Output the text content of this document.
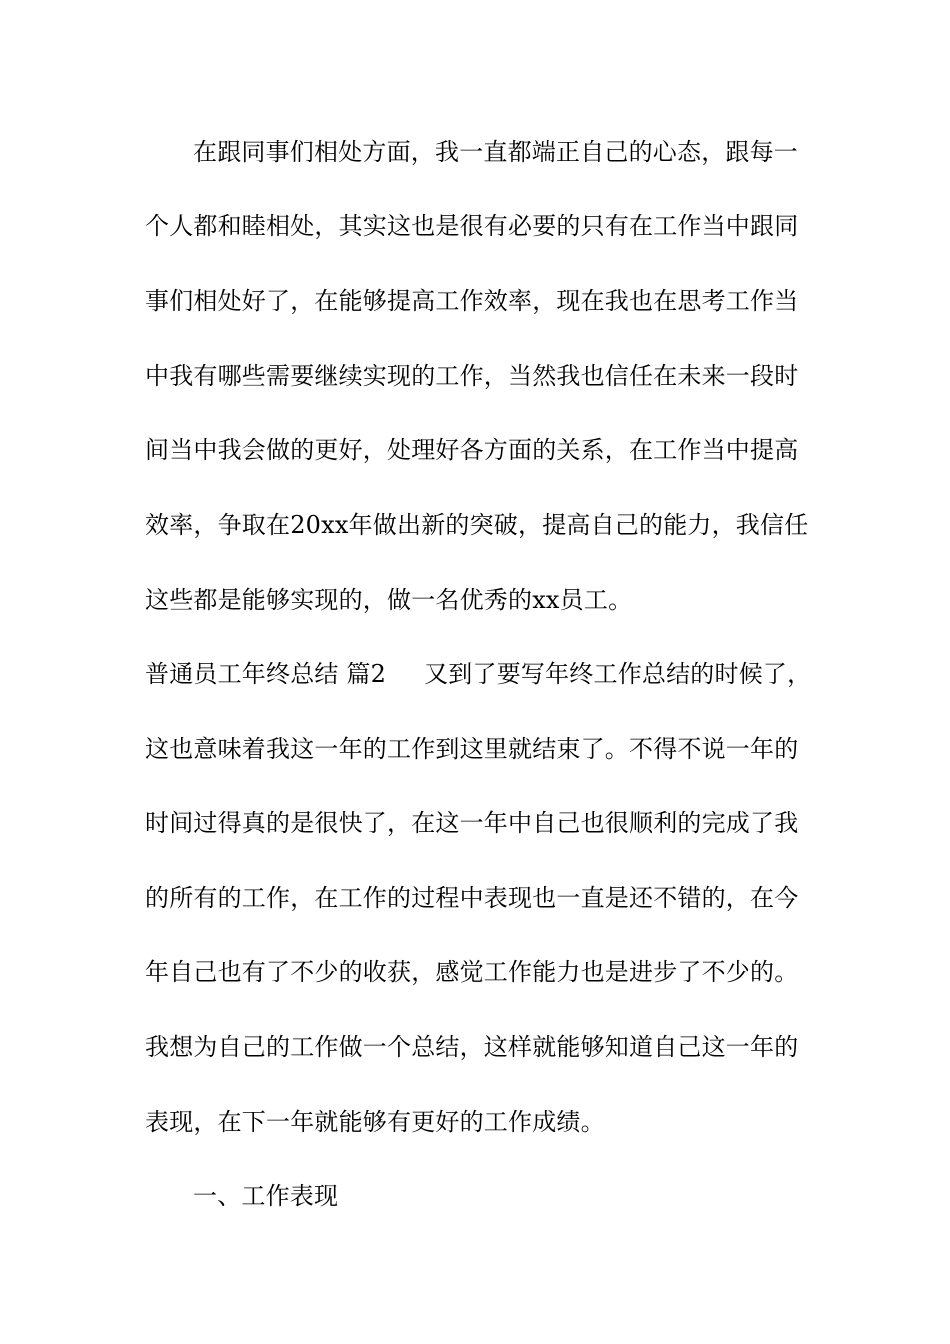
在跟同事们相处方面，我一直都端正自己的心态，跟每一
个人都和睦相处，其实这也是很有必要的只有在工作当中跟同
事们相处好了，在能够提高工作效率，现在我也在思考工作当
中我有哪些需要继续实现的工作，当然我也信任在未来一段时
间当中我会做的更好，处理好各方面的关系，在工作当中提高
效率，争取在20xx年做出新的突破，提高自己的能力，我信任
这些都是能够实现的，做一名优秀的xx员工。
普通员工年终总结 篇2 又到了要写年终工作总结的时候了，
这也意味着我这一年的工作到这里就结束了。不得不说一年的
时间过得真的是很快了，在这一年中自己也很顺利的完成了我
的所有的工作，在工作的过程中表现也一直是还不错的，在今
年自己也有了不少的收获，感觉工作能力也是进步了不少的。
我想为自己的工作做一个总结，这样就能够知道自己这一年的
表现，在下一年就能够有更好的工作成绩。
一、工作表现
